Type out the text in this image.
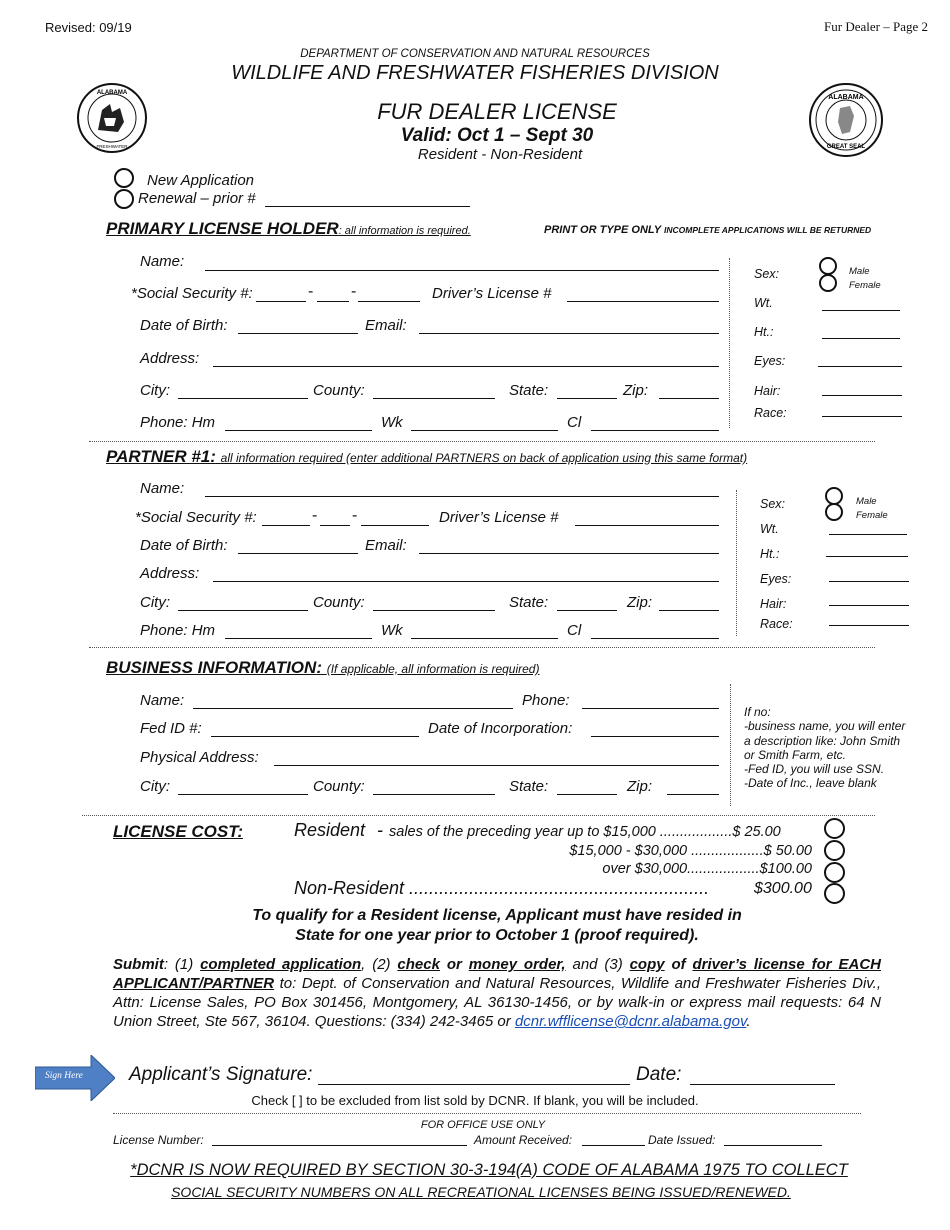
Revised: 09/19	Fur Dealer – Page 2
DEPARTMENT OF CONSERVATION AND NATURAL RESOURCES
WILDLIFE AND FRESHWATER FISHERIES DIVISION
FUR DEALER LICENSE
Valid: Oct 1 – Sept 30
Resident - Non-Resident
ALABAMA
FRESHWATER
ALABAMA
GREAT SEAL
New Application
Renewal – prior #
PRIMARY LICENSE HOLDER: all information is required.	PRINT OR TYPE ONLY INCOMPLETE APPLICATIONS WILL BE RETURNED
Name:
*Social Security #:	- -	Driver’s License #
Date of Birth:	Email:
Address:
City:	County:	State:	Zip:
Phone: Hm	Wk	Cl
Sex:	Male
Female
Wt.
Ht.:
Eyes:
Hair:
Race:
PARTNER #1: all information required (enter additional PARTNERS on back of application using this same format)
Name:
*Social Security #:	- -	Driver’s License #
Date of Birth:	Email:
Address:
City:	County:	State:	Zip:
Phone: Hm	Wk	Cl
Sex:	Male
Female
Wt.
Ht.:
Eyes:
Hair:
Race:
BUSINESS INFORMATION: (If applicable, all information is required)
Name:	Phone:
Fed ID #:	Date of Incorporation:
Physical Address:
City:	County:	State:	Zip:
If no:
-business name, you will enter
a description like: John Smith
or Smith Farm, etc.
-Fed ID, you will use SSN.
-Date of Inc., leave blank
LICENSE COST:	Resident - sales of the preceding year up to $15,000 ..................$ 25.00
$15,000 - $30,000 ..................$ 50.00
over $30,000..................$100.00
Non-Resident ............................................................	$300.00
To qualify for a Resident license, Applicant must have resided in
State for one year prior to October 1 (proof required).
Submit: (1) completed application, (2) check or money order, and (3) copy of driver’s license for EACH APPLICANT/PARTNER to: Dept. of Conservation and Natural Resources, Wildlife and Freshwater Fisheries Div., Attn: License Sales, PO Box 301456, Montgomery, AL 36130-1456, or by walk-in or express mail requests: 64 N Union Street, Ste 567, 36104. Questions: (334) 242-3465 or dcnr.wfflicense@dcnr.alabama.gov.
Sign Here Applicant’s Signature:	Date:
Check [ ] to be excluded from list sold by DCNR. If blank, you will be included.
FOR OFFICE USE ONLY
License Number:	Amount Received:	Date Issued:
*DCNR IS NOW REQUIRED BY SECTION 30-3-194(A) CODE OF ALABAMA 1975 TO COLLECT
SOCIAL SECURITY NUMBERS ON ALL RECREATIONAL LICENSES BEING ISSUED/RENEWED.
